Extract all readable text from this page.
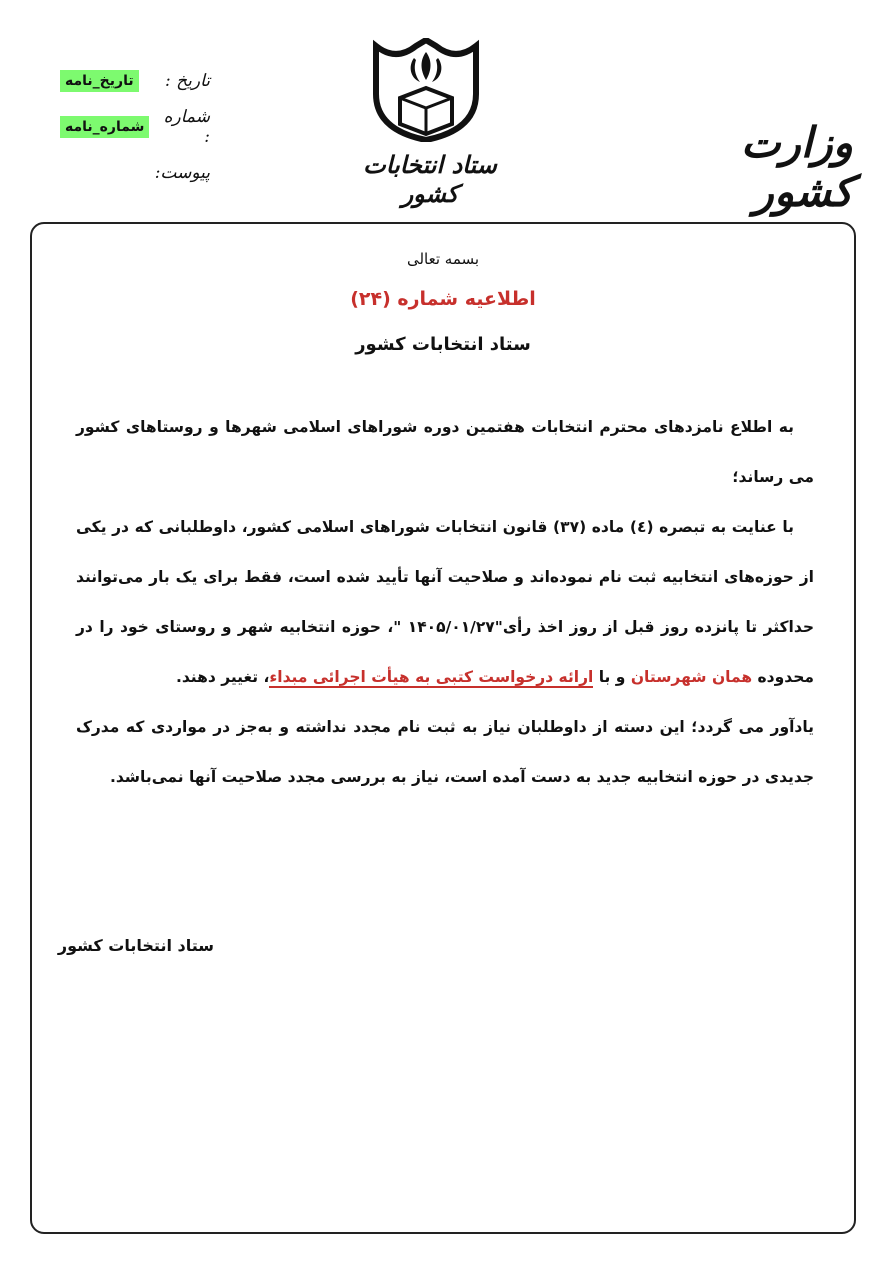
تاریخ :
تاریخ_نامه
شماره :
شماره_نامه
پیوست:	ستاد انتخابات کشور
وزارت کشور
بسمه تعالی
اطلاعیه شماره (۲۴)
ستاد انتخابات کشور

به اطلاع نامزدهای محترم انتخابات هفتمین دوره شوراهای اسلامی شهرها و روستاهای کشور می رساند؛

با عنایت به تبصره (٤) ماده (۳۷) قانون انتخابات شوراهای اسلامی کشور، داوطلبانی که در یکی از حوزه‌های انتخابیه ثبت نام نموده‌اند و صلاحیت آنها تأیید شده است، فقط برای یک بار می‌توانند حداکثر تا پانزده روز قبل از روز اخذ رأی"۱۴۰۵/۰۱/۲۷ "، حوزه انتخابیه شهر و روستای خود را در محدوده همان شهرستان و با ارائه درخواست کتبی به هیأت اجرائی مبداء، تغییر دهند.

یادآور می گردد؛ این دسته از داوطلبان نیاز به ثبت نام مجدد نداشته و به‌جز در مواردی که مدرک جدیدی در حوزه انتخابیه جدید به دست آمده است، نیاز به بررسی مجدد صلاحیت آنها نمی‌باشد.

ستاد انتخابات کشور
